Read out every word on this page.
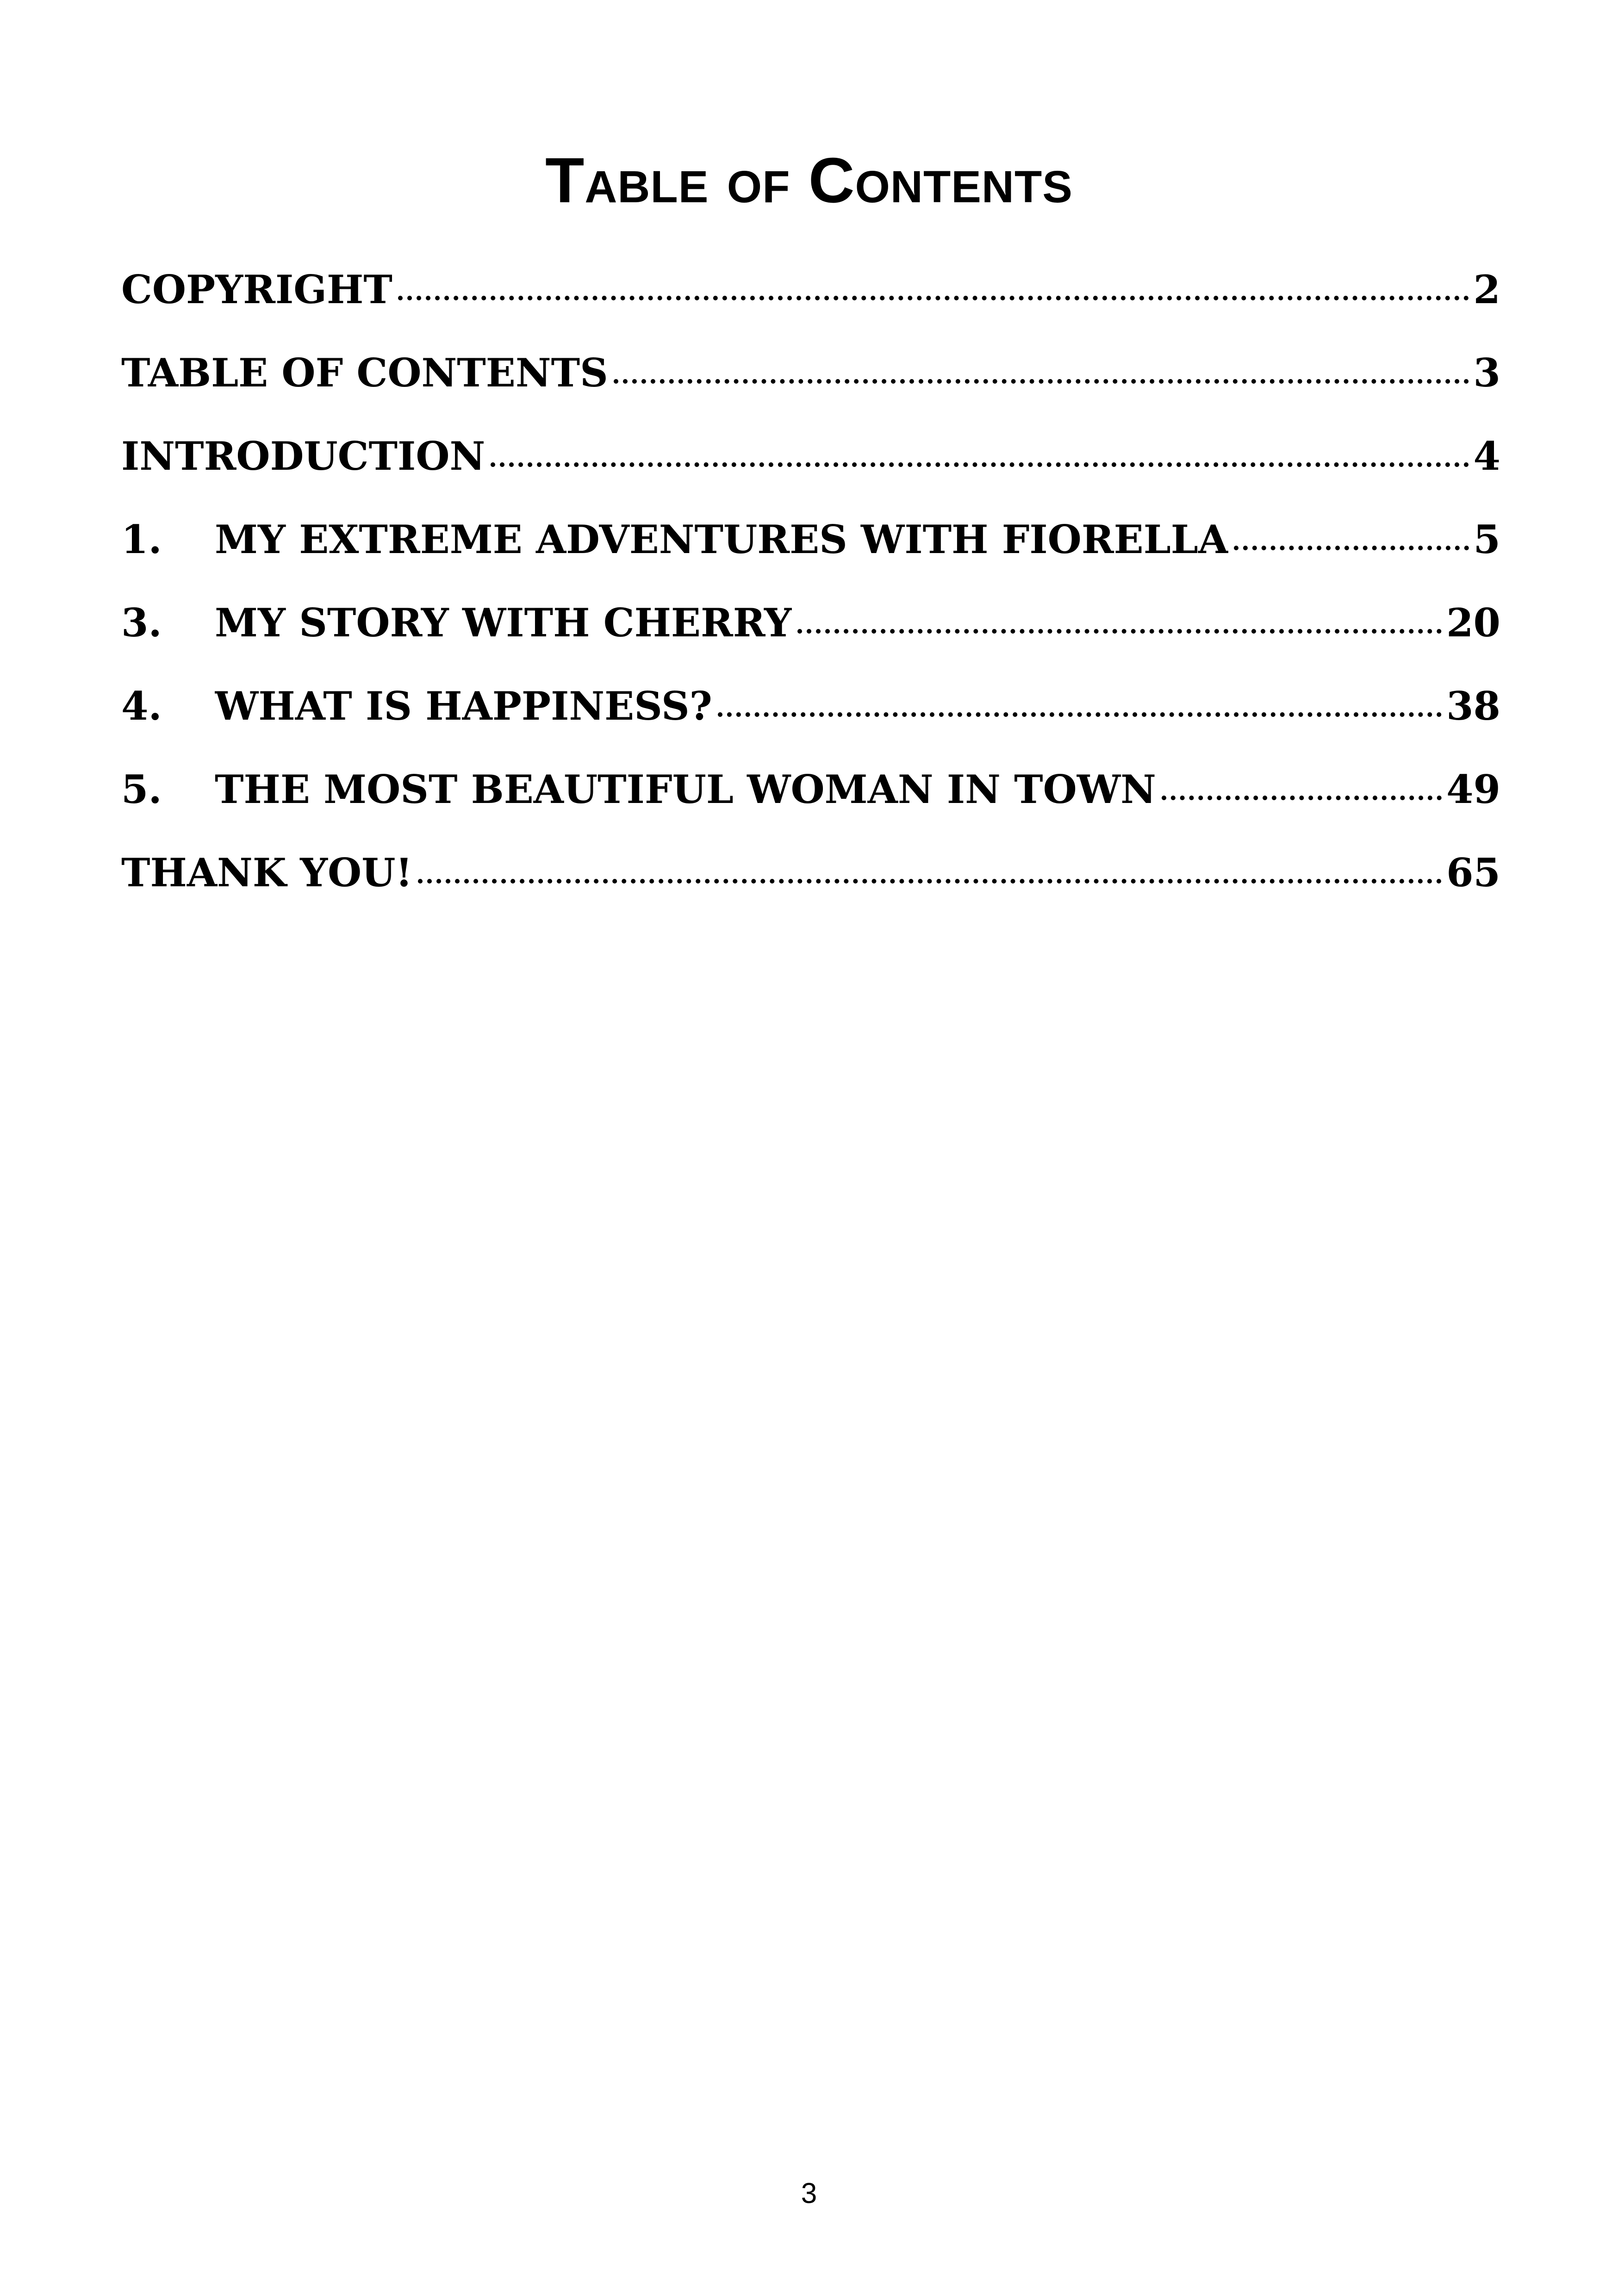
Table of Contents
COPYRIGHT	2
TABLE OF CONTENTS	3
INTRODUCTION	4
1.	MY EXTREME ADVENTURES WITH FIORELLA	5
3.	MY STORY WITH CHERRY	20
4.	WHAT IS HAPPINESS?	38
5.	THE MOST BEAUTIFUL WOMAN IN TOWN	49
THANK YOU!	65
3
